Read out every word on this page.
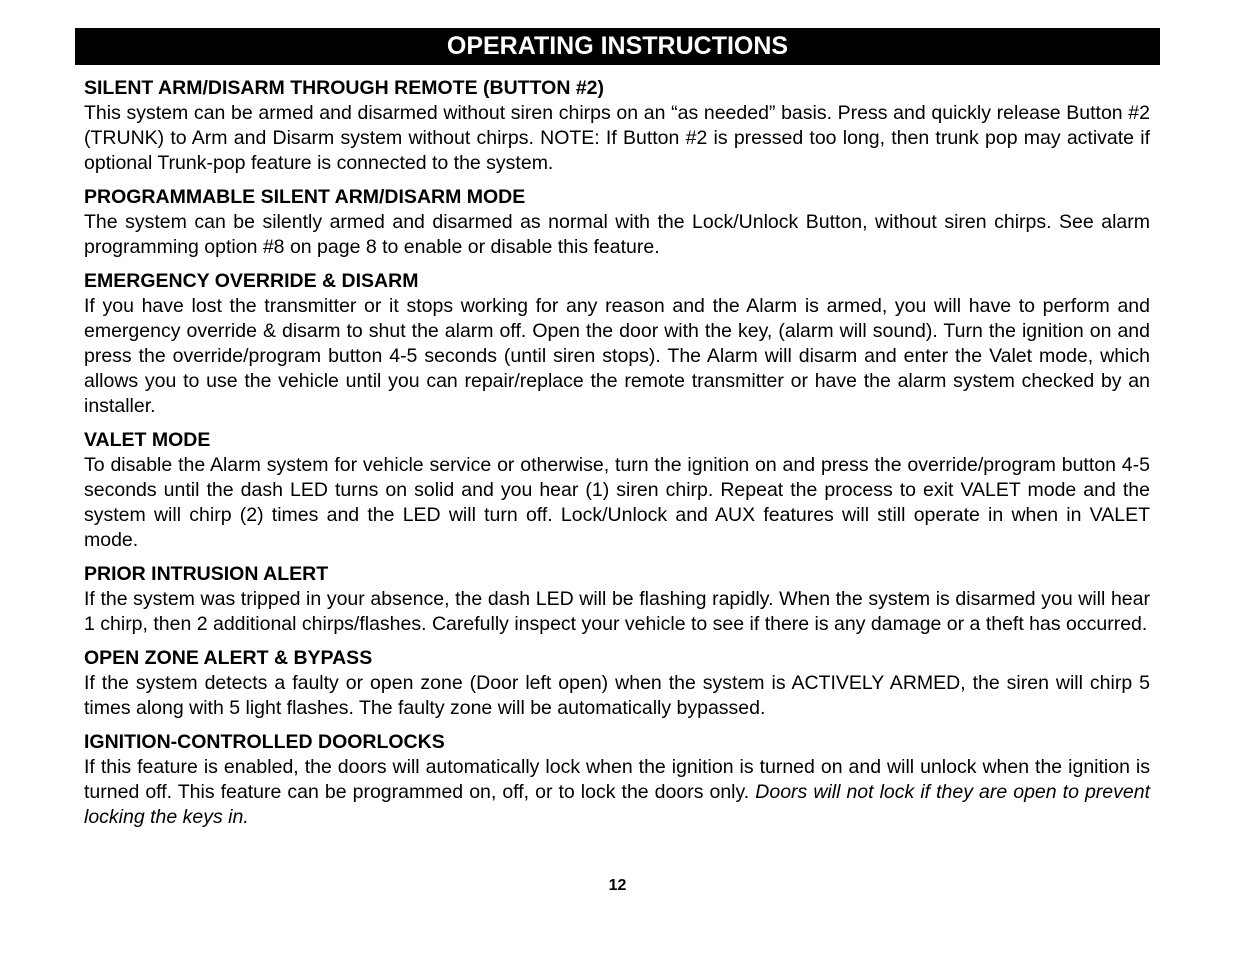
OPERATING INSTRUCTIONS
SILENT ARM/DISARM THROUGH REMOTE (BUTTON #2)

This system can be armed and disarmed without siren chirps on an “as needed” basis. Press and quickly release Button #2 (TRUNK) to Arm and Disarm system without chirps. NOTE: If Button #2 is pressed too long, then trunk pop may activate if optional Trunk-pop feature is connected to the system.

PROGRAMMABLE SILENT ARM/DISARM MODE

The system can be silently armed and disarmed as normal with the Lock/Unlock Button, without siren chirps. See alarm programming option #8 on page 8 to enable or disable this feature.

EMERGENCY OVERRIDE & DISARM

If you have lost the transmitter or it stops working for any reason and the Alarm is armed, you will have to perform and emergency override & disarm to shut the alarm off. Open the door with the key, (alarm will sound). Turn the ignition on and press the override/program button 4-5 seconds (until siren stops). The Alarm will disarm and enter the Valet mode, which allows you to use the vehicle until you can repair/replace the remote transmitter or have the alarm system checked by an installer.

VALET MODE

To disable the Alarm system for vehicle service or otherwise, turn the ignition on and press the override/program button 4-5 seconds until the dash LED turns on solid and you hear (1) siren chirp. Repeat the process to exit VALET mode and the system will chirp (2) times and the LED will turn off. Lock/Unlock and AUX features will still operate in when in VALET mode.

PRIOR INTRUSION ALERT

If the system was tripped in your absence, the dash LED will be flashing rapidly. When the system is disarmed you will hear 1 chirp, then 2 additional chirps/flashes. Carefully inspect your vehicle to see if there is any damage or a theft has occurred.

OPEN ZONE ALERT & BYPASS

If the system detects a faulty or open zone (Door left open) when the system is ACTIVELY ARMED, the siren will chirp 5 times along with 5 light flashes. The faulty zone will be automatically bypassed.

IGNITION-CONTROLLED DOORLOCKS

If this feature is enabled, the doors will automatically lock when the ignition is turned on and will unlock when the ignition is turned off. This feature can be programmed on, off, or to lock the doors only. Doors will not lock if they are open to prevent locking the keys in.

12
